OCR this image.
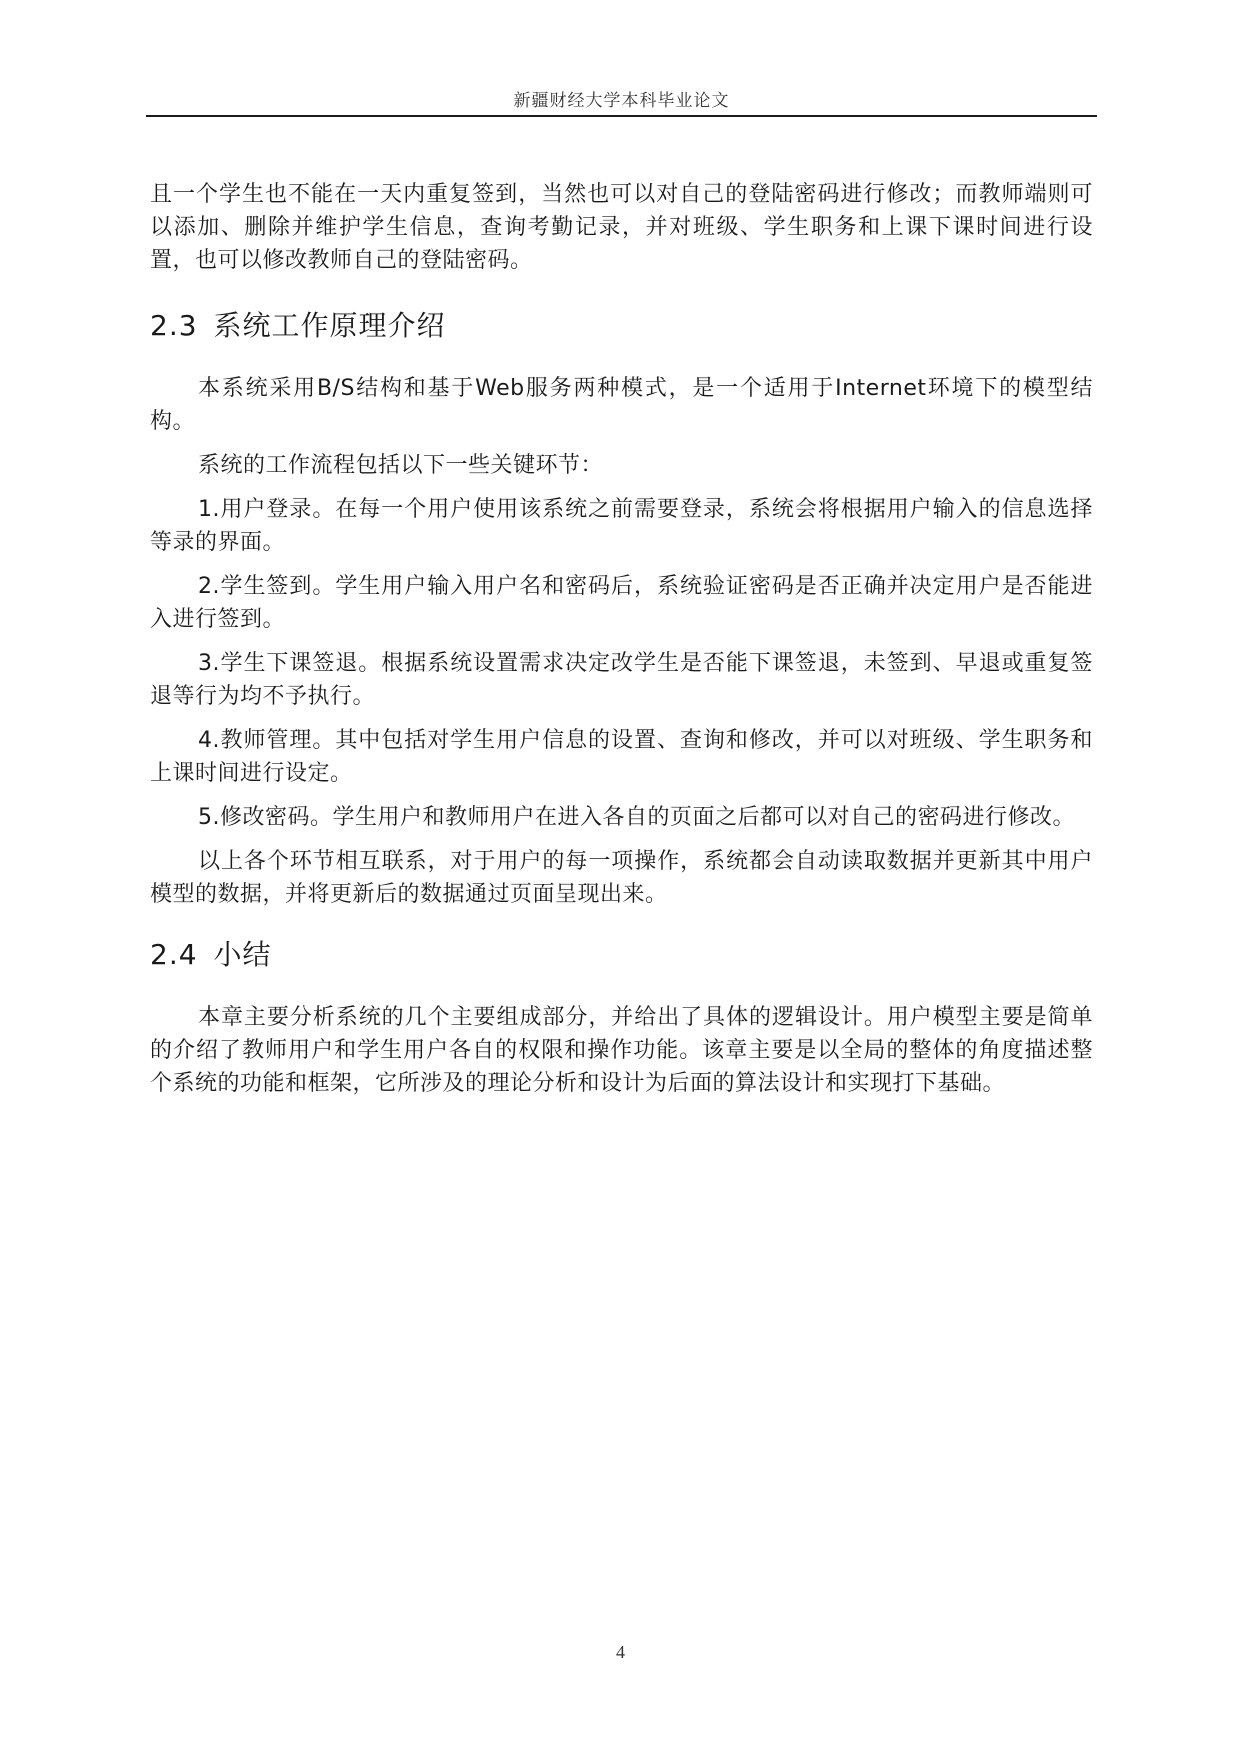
新疆财经大学本科毕业论文

且一个学生也不能在一天内重复签到，当然也可以对自己的登陆密码进行修改；而教师端则可以添加、删除并维护学生信息，查询考勤记录，并对班级、学生职务和上课下课时间进行设置，也可以修改教师自己的登陆密码。

2.3 系统工作原理介绍

本系统采用B/S结构和基于Web服务两种模式，是一个适用于Internet环境下的模型结构。

系统的工作流程包括以下一些关键环节：

1.用户登录。在每一个用户使用该系统之前需要登录，系统会将根据用户输入的信息选择等录的界面。

2.学生签到。学生用户输入用户名和密码后，系统验证密码是否正确并决定用户是否能进入进行签到。

3.学生下课签退。根据系统设置需求决定改学生是否能下课签退，未签到、早退或重复签退等行为均不予执行。

4.教师管理。其中包括对学生用户信息的设置、查询和修改，并可以对班级、学生职务和上课时间进行设定。

5.修改密码。学生用户和教师用户在进入各自的页面之后都可以对自己的密码进行修改。

以上各个环节相互联系，对于用户的每一项操作，系统都会自动读取数据并更新其中用户模型的数据，并将更新后的数据通过页面呈现出来。

2.4 小结

本章主要分析系统的几个主要组成部分，并给出了具体的逻辑设计。用户模型主要是简单的介绍了教师用户和学生用户各自的权限和操作功能。该章主要是以全局的整体的角度描述整个系统的功能和框架，它所涉及的理论分析和设计为后面的算法设计和实现打下基础。

4
